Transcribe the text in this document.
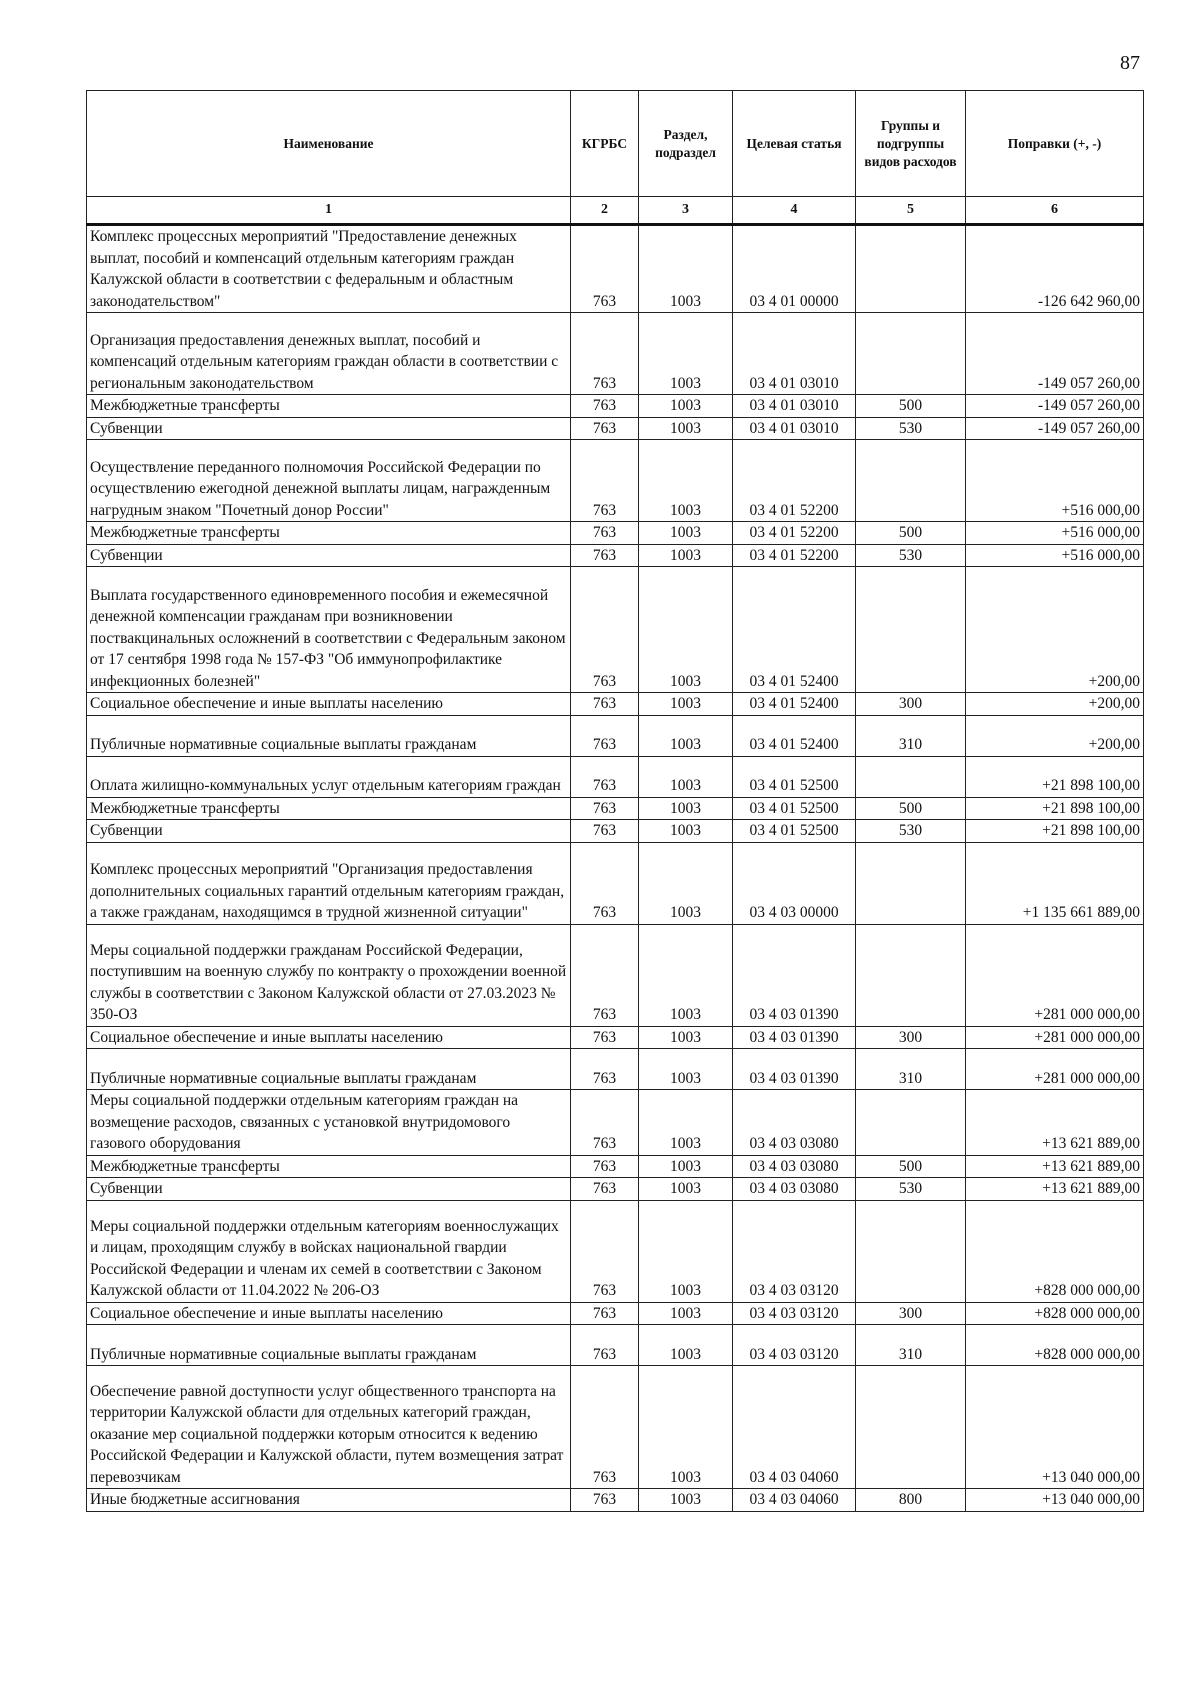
87
Наименование	КГРБС	Раздел, подраздел	Целевая статья	Группы и подгруппы видов расходов	Поправки (+, -)
1	2	3	4	5	6
Комплекс процессных мероприятий "Предоставление денежных выплат, пособий и компенсаций отдельным категориям граждан Калужской области в соответствии с федеральным и областным законодательством"	763	1003	03 4 01 00000		-126 642 960,00
Организация предоставления денежных выплат, пособий и компенсаций отдельным категориям граждан области в соответствии с региональным законодательством	763	1003	03 4 01 03010		-149 057 260,00
Межбюджетные трансферты	763	1003	03 4 01 03010	500	-149 057 260,00
Субвенции	763	1003	03 4 01 03010	530	-149 057 260,00
Осуществление переданного полномочия Российской Федерации по осуществлению ежегодной денежной выплаты лицам, награжденным нагрудным знаком "Почетный донор России"	763	1003	03 4 01 52200		+516 000,00
Межбюджетные трансферты	763	1003	03 4 01 52200	500	+516 000,00
Субвенции	763	1003	03 4 01 52200	530	+516 000,00
Выплата государственного единовременного пособия и ежемесячной денежной компенсации гражданам при возникновении поствакцинальных осложнений в соответствии с Федеральным законом от 17 сентября 1998 года № 157-ФЗ "Об иммунопрофилактике инфекционных болезней"	763	1003	03 4 01 52400		+200,00
Социальное обеспечение и иные выплаты населению	763	1003	03 4 01 52400	300	+200,00
Публичные нормативные социальные выплаты гражданам	763	1003	03 4 01 52400	310	+200,00
Оплата жилищно-коммунальных услуг отдельным категориям граждан	763	1003	03 4 01 52500		+21 898 100,00
Межбюджетные трансферты	763	1003	03 4 01 52500	500	+21 898 100,00
Субвенции	763	1003	03 4 01 52500	530	+21 898 100,00
Комплекс процессных мероприятий "Организация предоставления дополнительных социальных гарантий отдельным категориям граждан, а также гражданам, находящимся в трудной жизненной ситуации"	763	1003	03 4 03 00000		+1 135 661 889,00
Меры социальной поддержки гражданам Российской Федерации, поступившим на военную службу по контракту о прохождении военной службы в соответствии с Законом Калужской области от 27.03.2023 № 350-ОЗ	763	1003	03 4 03 01390		+281 000 000,00
Социальное обеспечение и иные выплаты населению	763	1003	03 4 03 01390	300	+281 000 000,00
Публичные нормативные социальные выплаты гражданам	763	1003	03 4 03 01390	310	+281 000 000,00
Меры социальной поддержки отдельным категориям граждан на возмещение расходов, связанных с установкой внутридомового газового оборудования	763	1003	03 4 03 03080		+13 621 889,00
Межбюджетные трансферты	763	1003	03 4 03 03080	500	+13 621 889,00
Субвенции	763	1003	03 4 03 03080	530	+13 621 889,00
Меры социальной поддержки отдельным категориям военнослужащих и лицам, проходящим службу в войсках национальной гвардии Российской Федерации и членам их семей в соответствии с Законом Калужской области от 11.04.2022 № 206-ОЗ	763	1003	03 4 03 03120		+828 000 000,00
Социальное обеспечение и иные выплаты населению	763	1003	03 4 03 03120	300	+828 000 000,00
Публичные нормативные социальные выплаты гражданам	763	1003	03 4 03 03120	310	+828 000 000,00
Обеспечение равной доступности услуг общественного транспорта на территории Калужской области для отдельных категорий граждан, оказание мер социальной поддержки которым относится к ведению Российской Федерации и Калужской области, путем возмещения затрат перевозчикам	763	1003	03 4 03 04060		+13 040 000,00
Иные бюджетные ассигнования	763	1003	03 4 03 04060	800	+13 040 000,00
